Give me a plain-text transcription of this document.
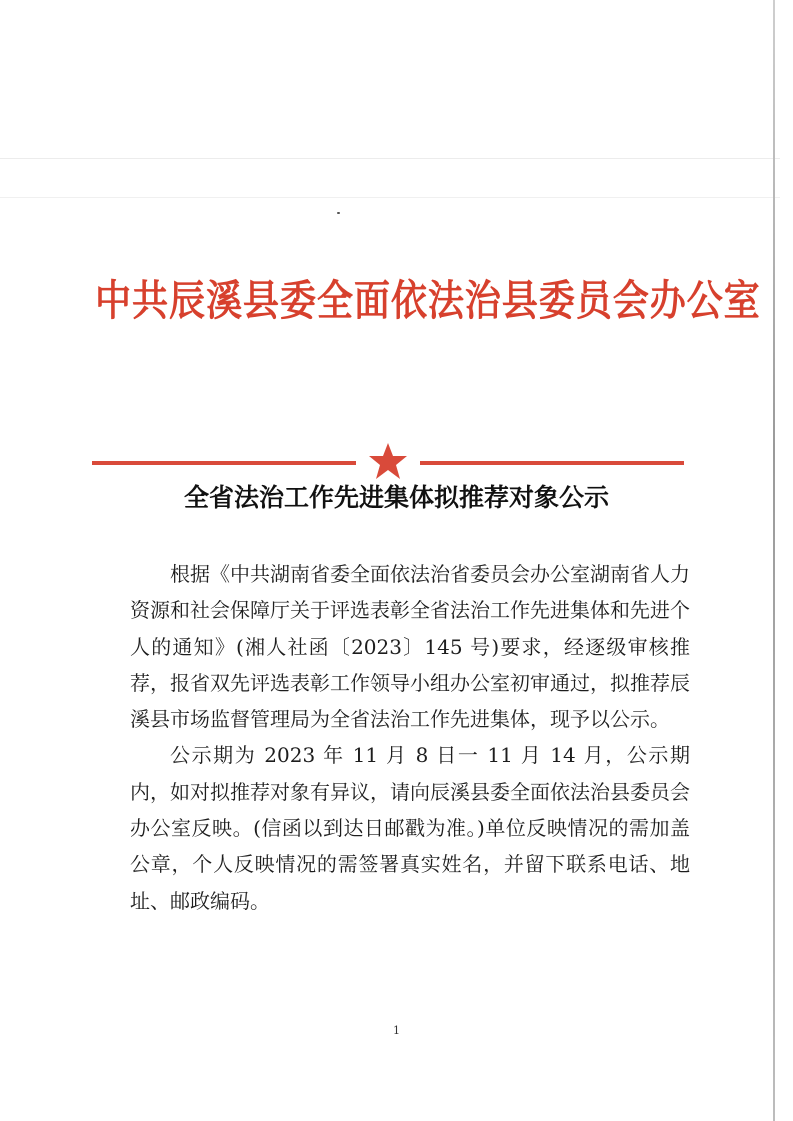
中共辰溪县委全面依法治县委员会办公室
全省法治工作先进集体拟推荐对象公示

根据《中共湖南省委全面依法治省委员会办公室湖南省人力资源和社会保障厅关于评选表彰全省法治工作先进集体和先进个人的通知》(湘人社函〔2023〕145 号)要求，经逐级审核推荐，报省双先评选表彰工作领导小组办公室初审通过，拟推荐辰溪县市场监督管理局为全省法治工作先进集体，现予以公示。

公示期为 2023 年 11 月 8 日一 11 月 14 月，公示期内，如对拟推荐对象有异议，请向辰溪县委全面依法治县委员会办公室反映。(信函以到达日邮戳为准。)单位反映情况的需加盖公章，个人反映情况的需签署真实姓名，并留下联系电话、地址、邮政编码。

1
